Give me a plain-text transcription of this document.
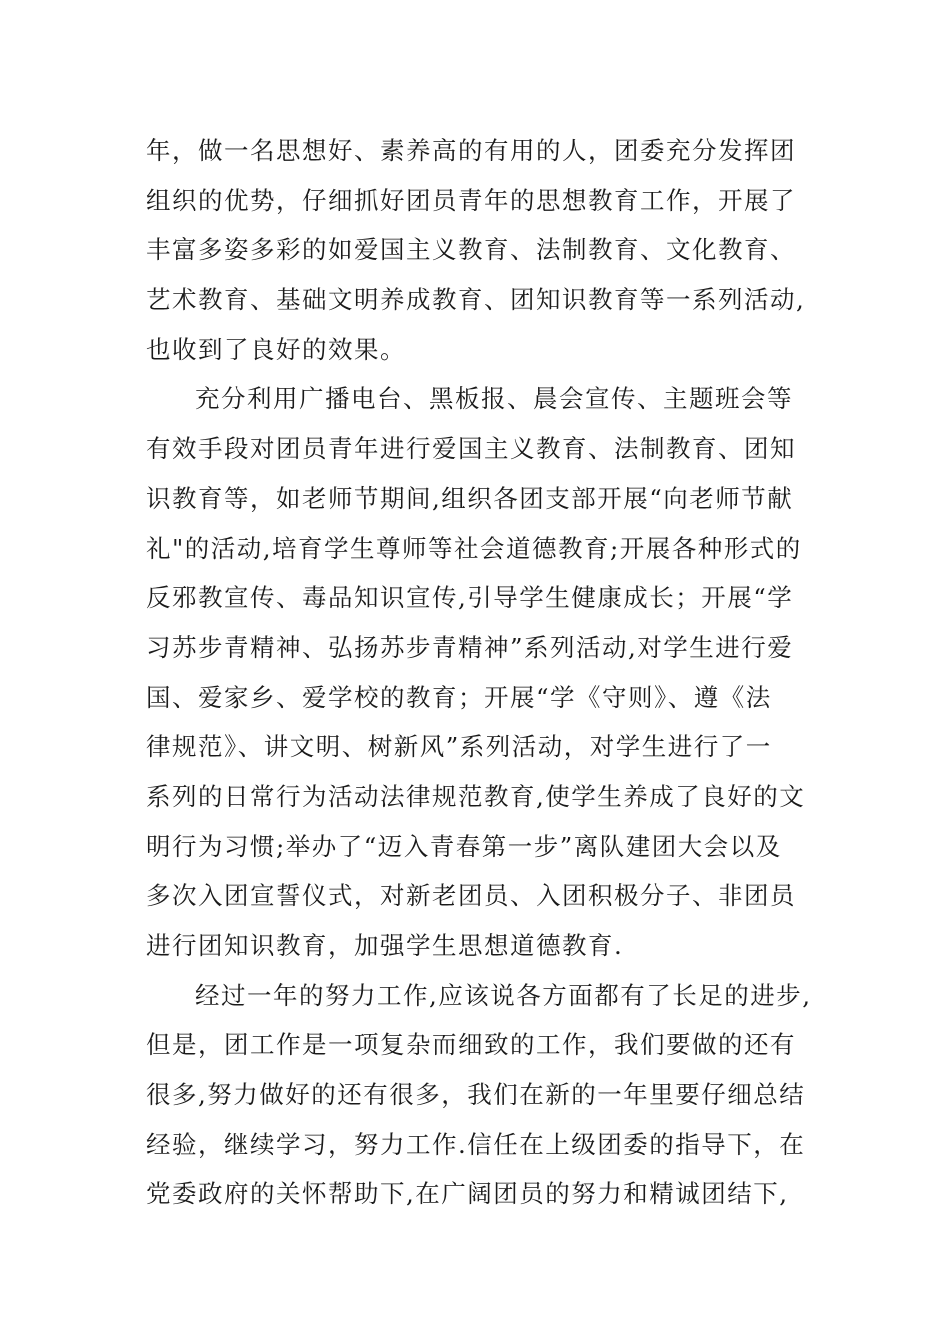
年，做一名思想好、素养高的有用的人，团委充分发挥团
组织的优势，仔细抓好团员青年的思想教育工作，开展了
丰富多姿多彩的如爱国主义教育、法制教育、文化教育、
艺术教育、基础文明养成教育、团知识教育等一系列活动,
也收到了良好的效果。
充分利用广播电台、黑板报、晨会宣传、主题班会等
有效手段对团员青年进行爱国主义教育、法制教育、团知
识教育等，如老师节期间,组织各团支部开展“向老师节献
礼"的活动,培育学生尊师等社会道德教育;开展各种形式的
反邪教宣传、毒品知识宣传,引导学生健康成长；开展“学
习苏步青精神、弘扬苏步青精神”系列活动,对学生进行爱
国、爱家乡、爱学校的教育；开展“学《守则》、遵《法
律规范》、讲文明、树新风”系列活动，对学生进行了一
系列的日常行为活动法律规范教育,使学生养成了良好的文
明行为习惯;举办了“迈入青春第一步”离队建团大会以及
多次入团宣誓仪式，对新老团员、入团积极分子、非团员
进行团知识教育，加强学生思想道德教育.
经过一年的努力工作,应该说各方面都有了长足的进步,
但是，团工作是一项复杂而细致的工作，我们要做的还有
很多,努力做好的还有很多，我们在新的一年里要仔细总结
经验，继续学习，努力工作.信任在上级团委的指导下，在
党委政府的关怀帮助下,在广阔团员的努力和精诚团结下,
